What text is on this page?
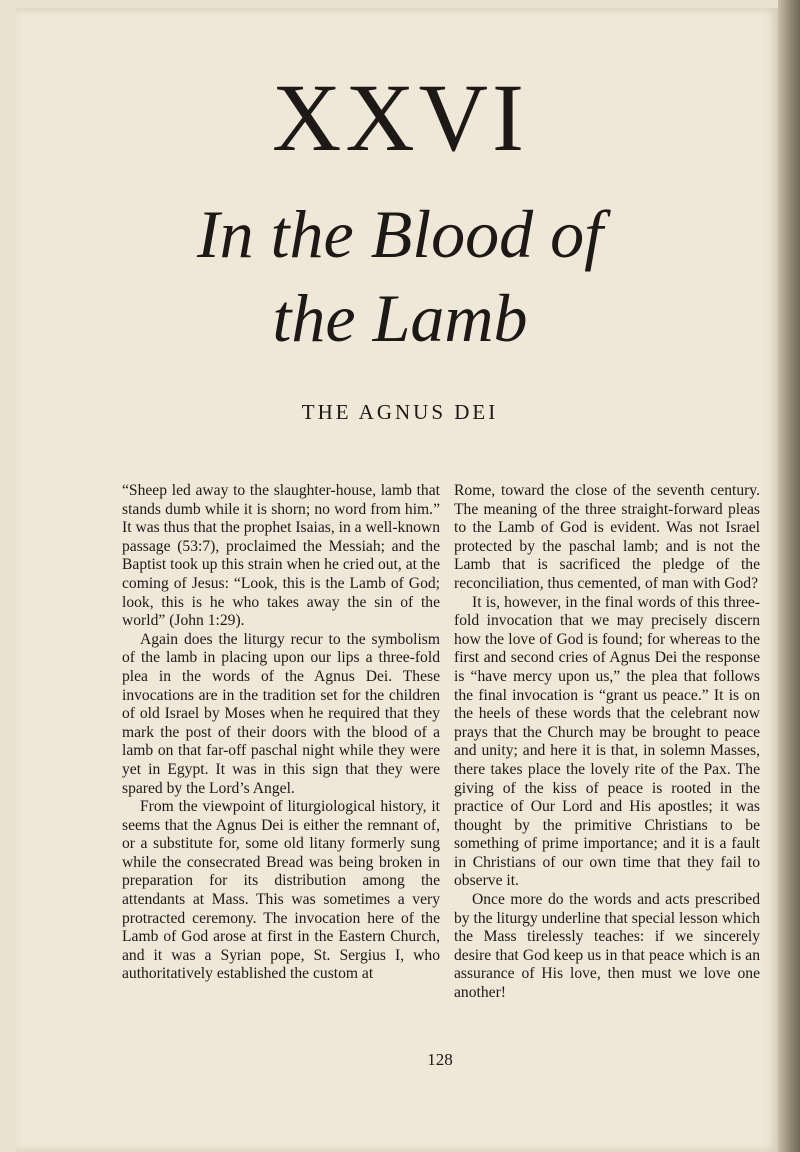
XXVI
In the Blood of
the Lamb
THE AGNUS DEI

“Sheep led away to the slaughter-house, lamb that stands dumb while it is shorn; no word from him.” It was thus that the prophet Isaias, in a well-known passage (53:7), proclaimed the Messiah; and the Baptist took up this strain when he cried out, at the coming of Jesus: “Look, this is the Lamb of God; look, this is he who takes away the sin of the world” (John 1:29).

Again does the liturgy recur to the symbolism of the lamb in placing upon our lips a three-fold plea in the words of the Agnus Dei. These invocations are in the tradition set for the children of old Israel by Moses when he required that they mark the post of their doors with the blood of a lamb on that far-off paschal night while they were yet in Egypt. It was in this sign that they were spared by the Lord’s Angel.

From the viewpoint of liturgiological history, it seems that the Agnus Dei is either the remnant of, or a substitute for, some old litany formerly sung while the consecrated Bread was being broken in preparation for its distribution among the attendants at Mass. This was sometimes a very protracted ceremony. The invocation here of the Lamb of God arose at first in the Eastern Church, and it was a Syrian pope, St. Sergius I, who authoritatively established the custom at

Rome, toward the close of the seventh century. The meaning of the three straight-forward pleas to the Lamb of God is evident. Was not Israel protected by the paschal lamb; and is not the Lamb that is sacrificed the pledge of the reconciliation, thus cemented, of man with God?

It is, however, in the final words of this three-fold invocation that we may precisely discern how the love of God is found; for whereas to the first and second cries of Agnus Dei the response is “have mercy upon us,” the plea that follows the final invocation is “grant us peace.” It is on the heels of these words that the celebrant now prays that the Church may be brought to peace and unity; and here it is that, in solemn Masses, there takes place the lovely rite of the Pax. The giving of the kiss of peace is rooted in the practice of Our Lord and His apostles; it was thought by the primitive Christians to be something of prime importance; and it is a fault in Christians of our own time that they fail to observe it.

Once more do the words and acts prescribed by the liturgy underline that special lesson which the Mass tirelessly teaches: if we sincerely desire that God keep us in that peace which is an assurance of His love, then must we love one another!

128
